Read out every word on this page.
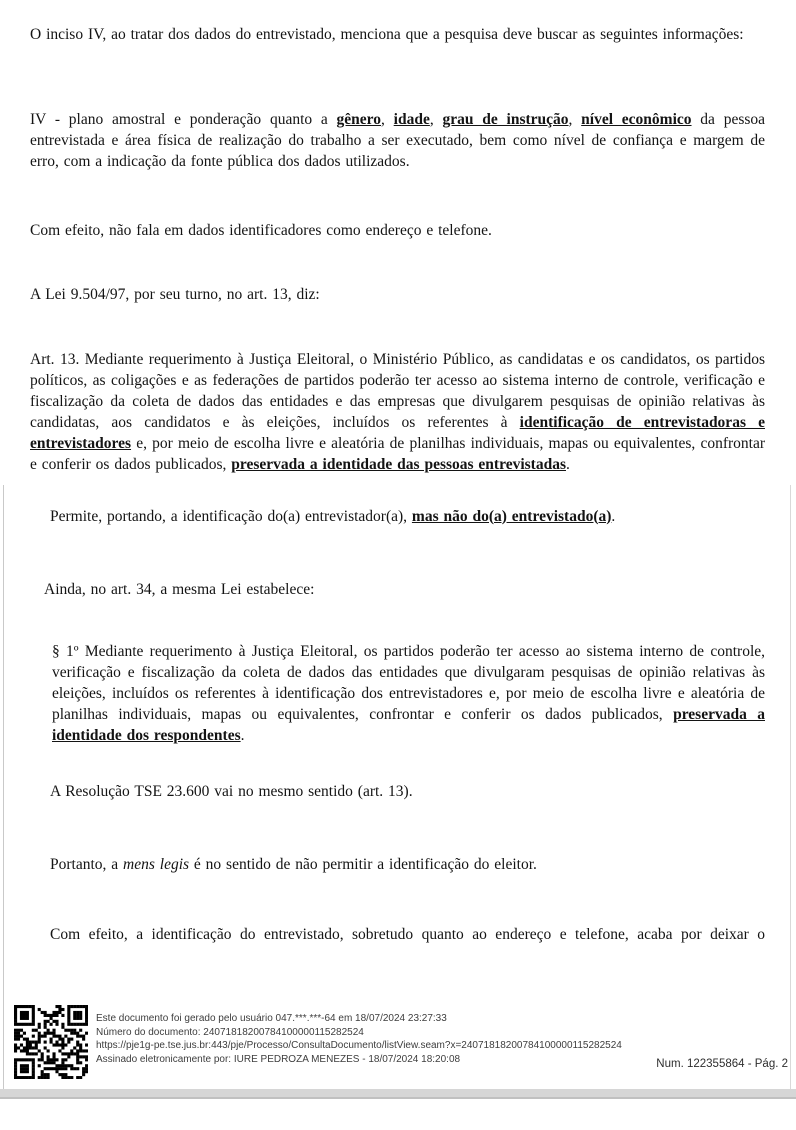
O inciso IV, ao tratar dos dados do entrevistado, menciona que a pesquisa deve buscar as seguintes informações:

IV - plano amostral e ponderação quanto a gênero, idade, grau de instrução, nível econômico da pessoa entrevistada e área física de realização do trabalho a ser executado, bem como nível de confiança e margem de erro, com a indicação da fonte pública dos dados utilizados.

Com efeito, não fala em dados identificadores como endereço e telefone.

A Lei 9.504/97, por seu turno, no art. 13, diz:

Art. 13. Mediante requerimento à Justiça Eleitoral, o Ministério Público, as candidatas e os candidatos, os partidos políticos, as coligações e as federações de partidos poderão ter acesso ao sistema interno de controle, verificação e fiscalização da coleta de dados das entidades e das empresas que divulgarem pesquisas de opinião relativas às candidatas, aos candidatos e às eleições, incluídos os referentes à identificação de entrevistadoras e entrevistadores e, por meio de escolha livre e aleatória de planilhas individuais, mapas ou equivalentes, confrontar e conferir os dados publicados, preservada a identidade das pessoas entrevistadas.

Permite, portando, a identificação do(a) entrevistador(a), mas não do(a) entrevistado(a).

Ainda, no art. 34, a mesma Lei estabelece:

§ 1º Mediante requerimento à Justiça Eleitoral, os partidos poderão ter acesso ao sistema interno de controle, verificação e fiscalização da coleta de dados das entidades que divulgaram pesquisas de opinião relativas às eleições, incluídos os referentes à identificação dos entrevistadores e, por meio de escolha livre e aleatória de planilhas individuais, mapas ou equivalentes, confrontar e conferir os dados publicados, preservada a identidade dos respondentes.

A Resolução TSE 23.600 vai no mesmo sentido (art. 13).

Portanto, a mens legis é no sentido de não permitir a identificação do eleitor.

Com efeito, a identificação do entrevistado, sobretudo quanto ao endereço e telefone, acaba por deixar o

Este documento foi gerado pelo usuário 047.***.***-64 em 18/07/2024 23:27:33
Número do documento: 24071818200784100000115282524
https://pje1g-pe.tse.jus.br:443/pje/Processo/ConsultaDocumento/listView.seam?x=24071818200784100000115282524
Assinado eletronicamente por: IURE PEDROZA MENEZES - 18/07/2024 18:20:08	Num. 122355864 - Pág. 2
